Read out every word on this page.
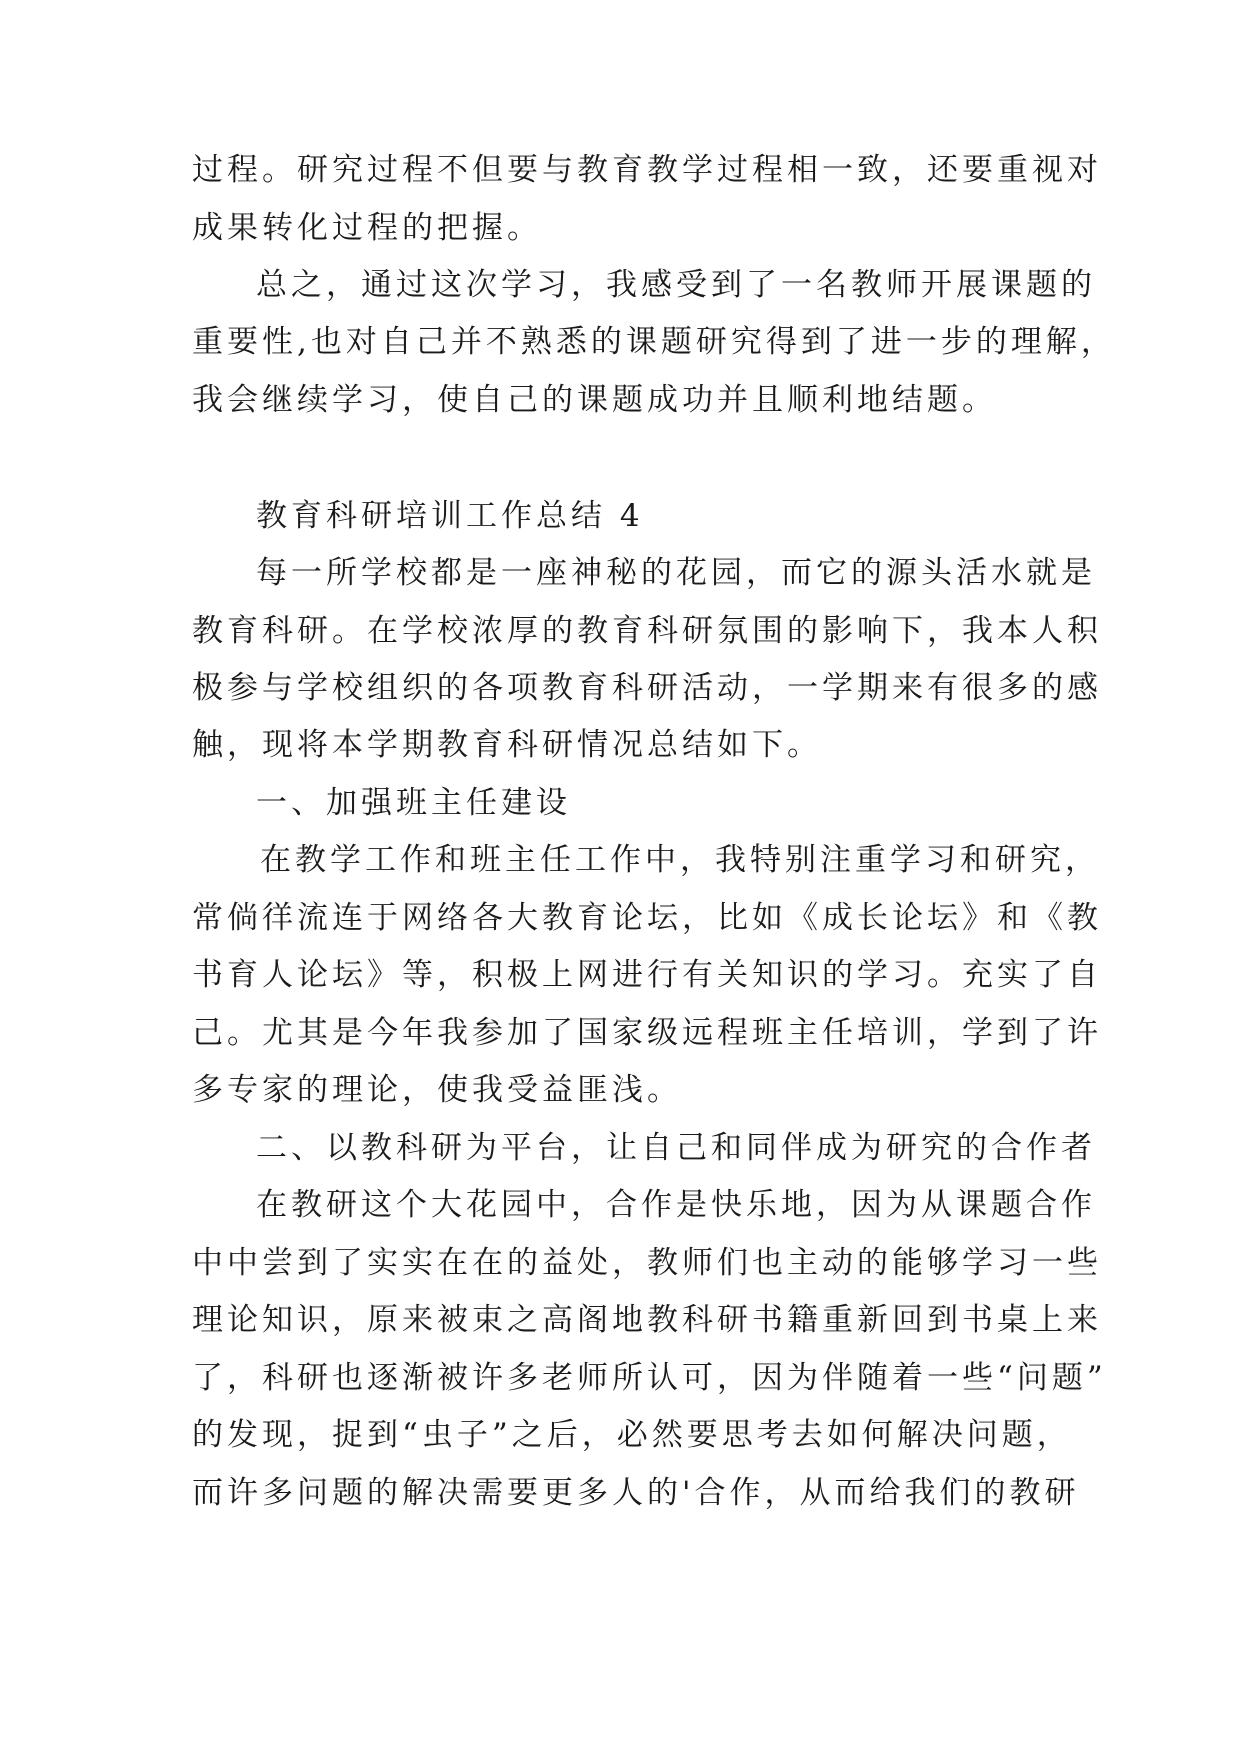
过程。研究过程不但要与教育教学过程相一致，还要重视对
成果转化过程的把握。
总之，通过这次学习，我感受到了一名教师开展课题的
重要性,也对自己并不熟悉的课题研究得到了进一步的理解，
我会继续学习，使自己的课题成功并且顺利地结题。
教育科研培训工作总结 4
每一所学校都是一座神秘的花园，而它的源头活水就是
教育科研。在学校浓厚的教育科研氛围的影响下，我本人积
极参与学校组织的各项教育科研活动，一学期来有很多的感
触，现将本学期教育科研情况总结如下。
一、加强班主任建设
在教学工作和班主任工作中，我特别注重学习和研究，
常倘徉流连于网络各大教育论坛，比如《成长论坛》和《教
书育人论坛》等，积极上网进行有关知识的学习。充实了自
己。尤其是今年我参加了国家级远程班主任培训，学到了许
多专家的理论，使我受益匪浅。
二、以教科研为平台，让自己和同伴成为研究的合作者
在教研这个大花园中，合作是快乐地，因为从课题合作
中中尝到了实实在在的益处，教师们也主动的能够学习一些
理论知识，原来被束之高阁地教科研书籍重新回到书桌上来
了，科研也逐渐被许多老师所认可，因为伴随着一些“问题”
的发现，捉到“虫子”之后，必然要思考去如何解决问题，
而许多问题的解决需要更多人的'合作，从而给我们的教研
